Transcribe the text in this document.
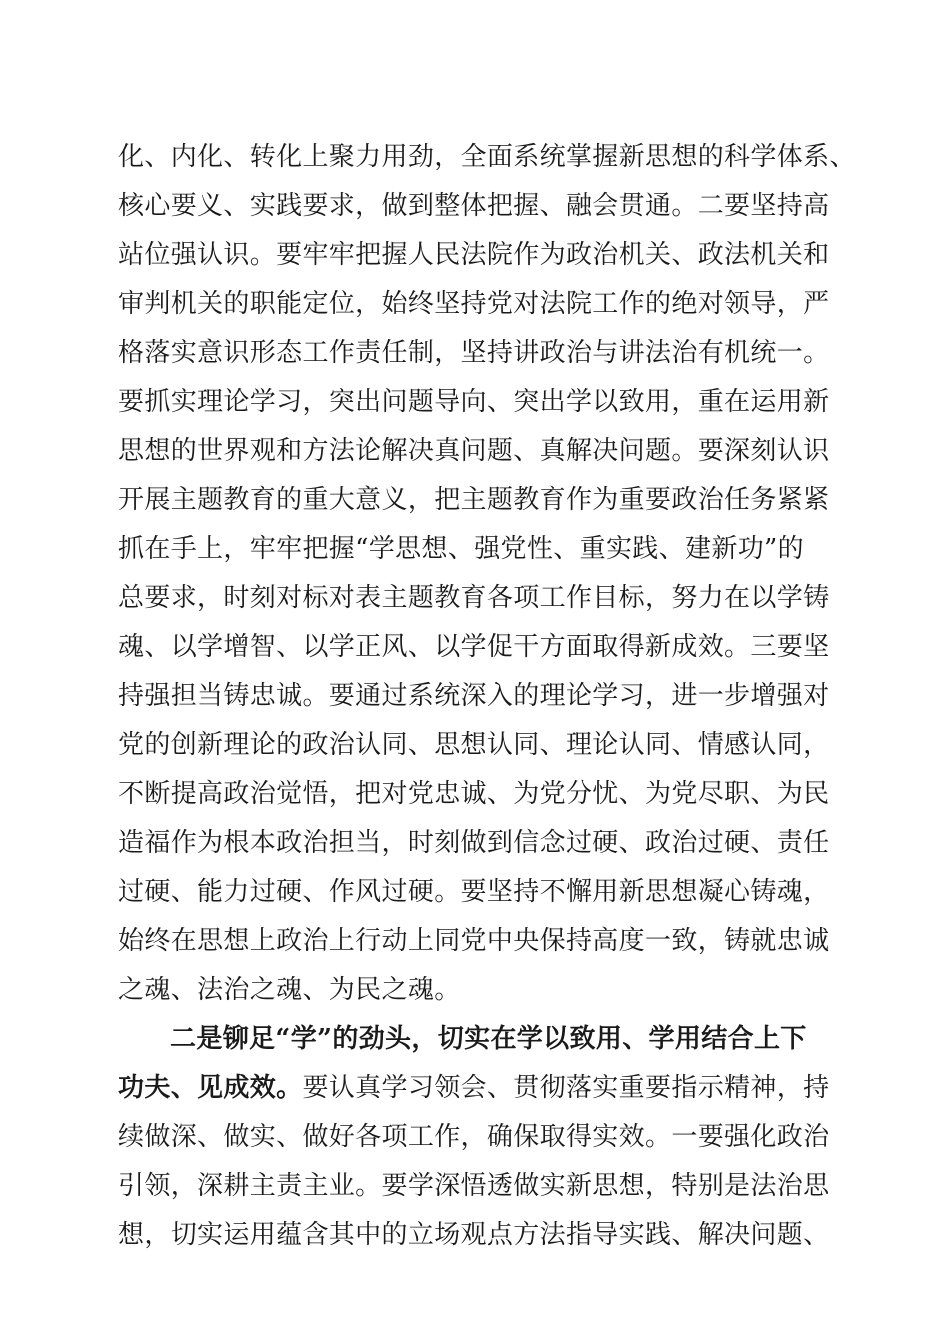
化、内化、转化上聚力用劲，全面系统掌握新思想的科学体系、
核心要义、实践要求，做到整体把握、融会贯通。二要坚持高
站位强认识。要牢牢把握人民法院作为政治机关、政法机关和
审判机关的职能定位，始终坚持党对法院工作的绝对领导，严
格落实意识形态工作责任制，坚持讲政治与讲法治有机统一。
要抓实理论学习，突出问题导向、突出学以致用，重在运用新
思想的世界观和方法论解决真问题、真解决问题。要深刻认识
开展主题教育的重大意义，把主题教育作为重要政治任务紧紧
抓在手上，牢牢把握“学思想、强党性、重实践、建新功”的
总要求，时刻对标对表主题教育各项工作目标，努力在以学铸
魂、以学增智、以学正风、以学促干方面取得新成效。三要坚
持强担当铸忠诚。要通过系统深入的理论学习，进一步增强对
党的创新理论的政治认同、思想认同、理论认同、情感认同，
不断提高政治觉悟，把对党忠诚、为党分忧、为党尽职、为民
造福作为根本政治担当，时刻做到信念过硬、政治过硬、责任
过硬、能力过硬、作风过硬。要坚持不懈用新思想凝心铸魂，
始终在思想上政治上行动上同党中央保持高度一致，铸就忠诚
之魂、法治之魂、为民之魂。
二是铆足“学”的劲头，切实在学以致用、学用结合上下
功夫、见成效。要认真学习领会、贯彻落实重要指示精神，持
续做深、做实、做好各项工作，确保取得实效。一要强化政治
引领，深耕主责主业。要学深悟透做实新思想，特别是法治思
想，切实运用蕴含其中的立场观点方法指导实践、解决问题、
